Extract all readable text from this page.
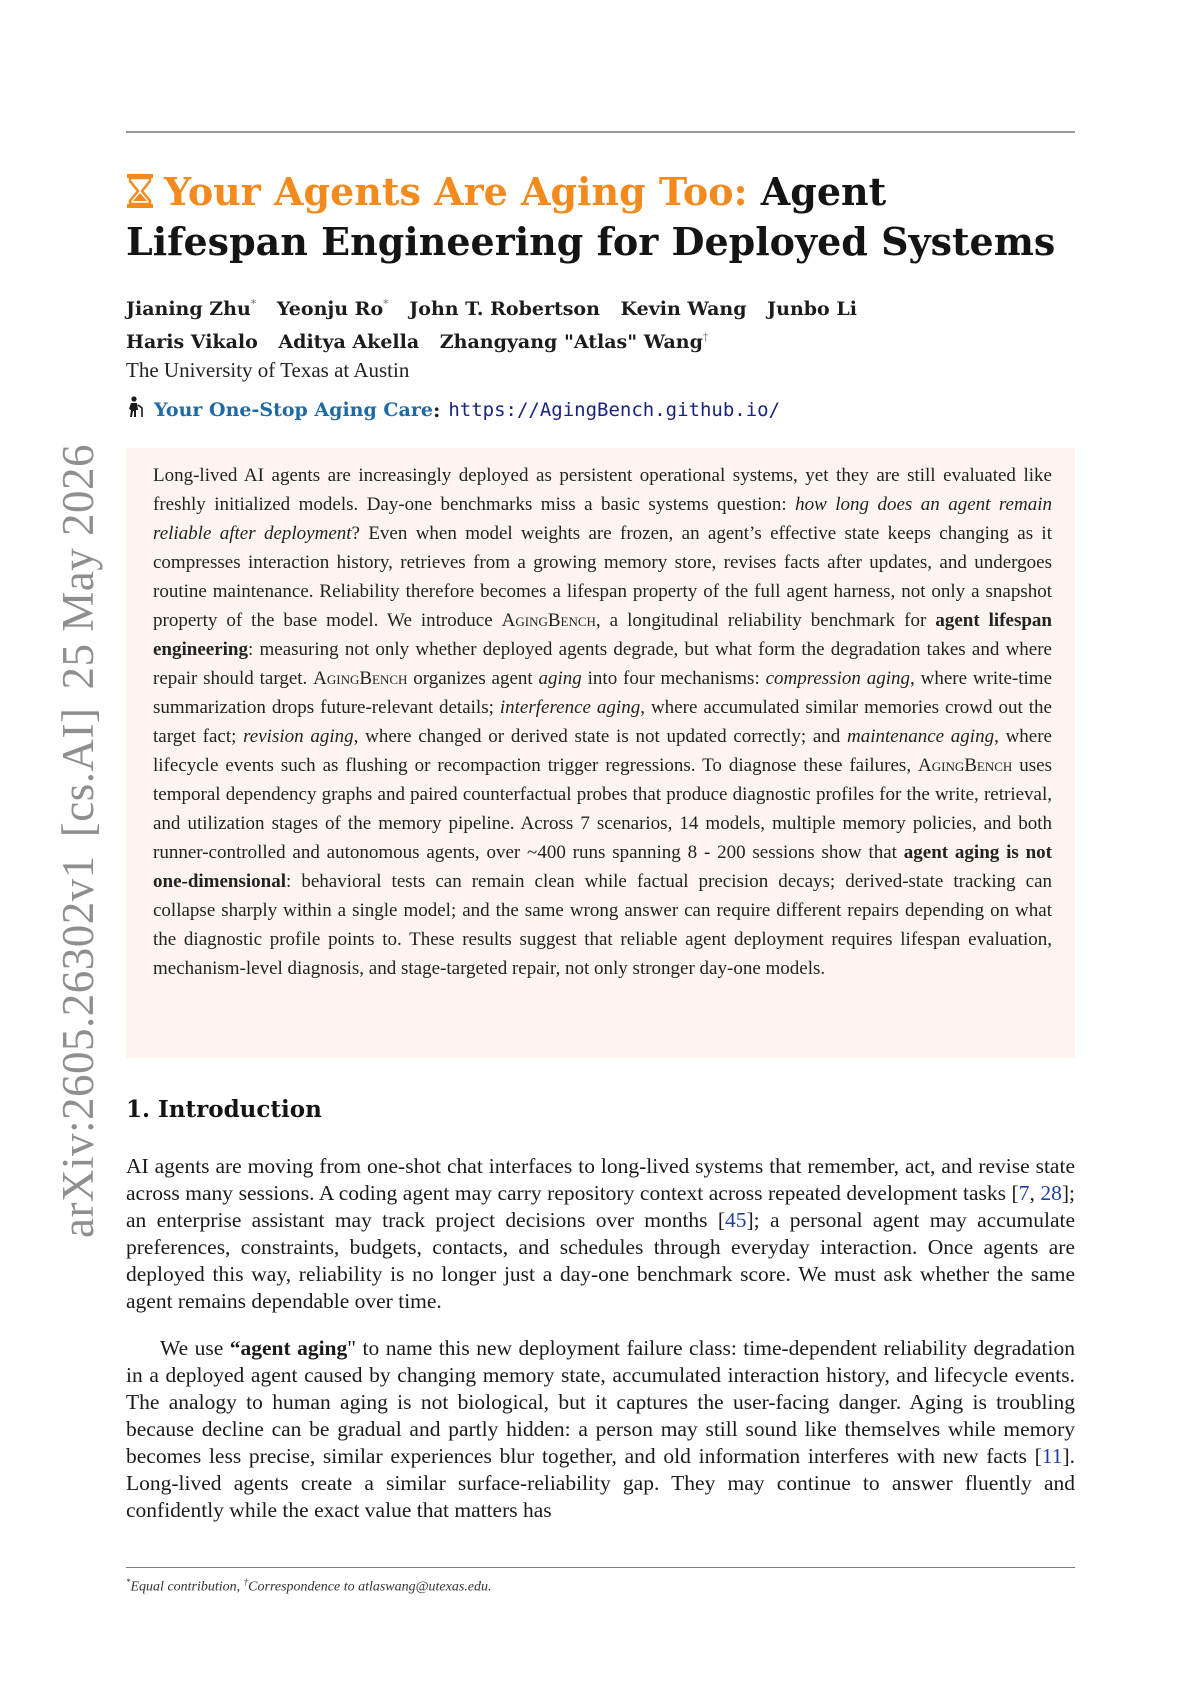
arXiv:2605.26302v1[cs.AI]25 May 2026
Your Agents Are Aging Too: Agent Lifespan Engineering for Deployed Systems
Jianing Zhu* Yeonju Ro* John T. Robertson Kevin Wang Junbo Li
Haris Vikalo Aditya Akella Zhangyang "Atlas" Wang†
The University of Texas at Austin
Your One-Stop Aging Care : https://AgingBench.github.io/

Long-lived AI agents are increasingly deployed as persistent operational systems, yet they are still evaluated like freshly initialized models. Day-one benchmarks miss a basic systems question: how long does an agent remain reliable after deployment? Even when model weights are frozen, an agent’s effective state keeps changing as it compresses interaction history, retrieves from a growing memory store, revises facts after updates, and undergoes routine maintenance. Reliability therefore becomes a lifespan property of the full agent harness, not only a snapshot property of the base model. We introduce AgingBench, a longitudinal reliability benchmark for agent lifespan engineering: measuring not only whether deployed agents degrade, but what form the degradation takes and where repair should target. AgingBench organizes agent aging into four mechanisms: compression aging, where write-time summarization drops future-relevant details; interference aging, where accumulated similar memories crowd out the target fact; revision aging, where changed or derived state is not updated correctly; and maintenance aging, where lifecycle events such as flushing or recompaction trigger regressions. To diagnose these failures, AgingBench uses temporal dependency graphs and paired counterfactual probes that produce diagnostic profiles for the write, retrieval, and utilization stages of the memory pipeline. Across 7 scenarios, 14 models, multiple memory policies, and both runner-controlled and autonomous agents, over ~400 runs spanning 8 - 200 sessions show that agent aging is not one-dimensional: behavioral tests can remain clean while factual precision decays; derived-state tracking can collapse sharply within a single model; and the same wrong answer can require different repairs depending on what the diagnostic profile points to. These results suggest that reliable agent deployment requires lifespan evaluation, mechanism-level diagnosis, and stage-targeted repair, not only stronger day-one models.

1. Introduction

AI agents are moving from one-shot chat interfaces to long-lived systems that remember, act, and revise state across many sessions. A coding agent may carry repository context across repeated development tasks [7, 28]; an enterprise assistant may track project decisions over months [45]; a personal agent may accumulate preferences, constraints, budgets, contacts, and schedules through everyday interaction. Once agents are deployed this way, reliability is no longer just a day-one benchmark score. We must ask whether the same agent remains dependable over time.

We use “agent aging" to name this new deployment failure class: time-dependent reliability degradation in a deployed agent caused by changing memory state, accumulated interaction history, and lifecycle events. The analogy to human aging is not biological, but it captures the user-facing danger. Aging is troubling because decline can be gradual and partly hidden: a person may still sound like themselves while memory becomes less precise, similar experiences blur together, and old information interferes with new facts [11]. Long-lived agents create a similar surface-reliability gap. They may continue to answer fluently and confidently while the exact value that matters has

*Equal contribution, †Correspondence to atlaswang@utexas.edu.
